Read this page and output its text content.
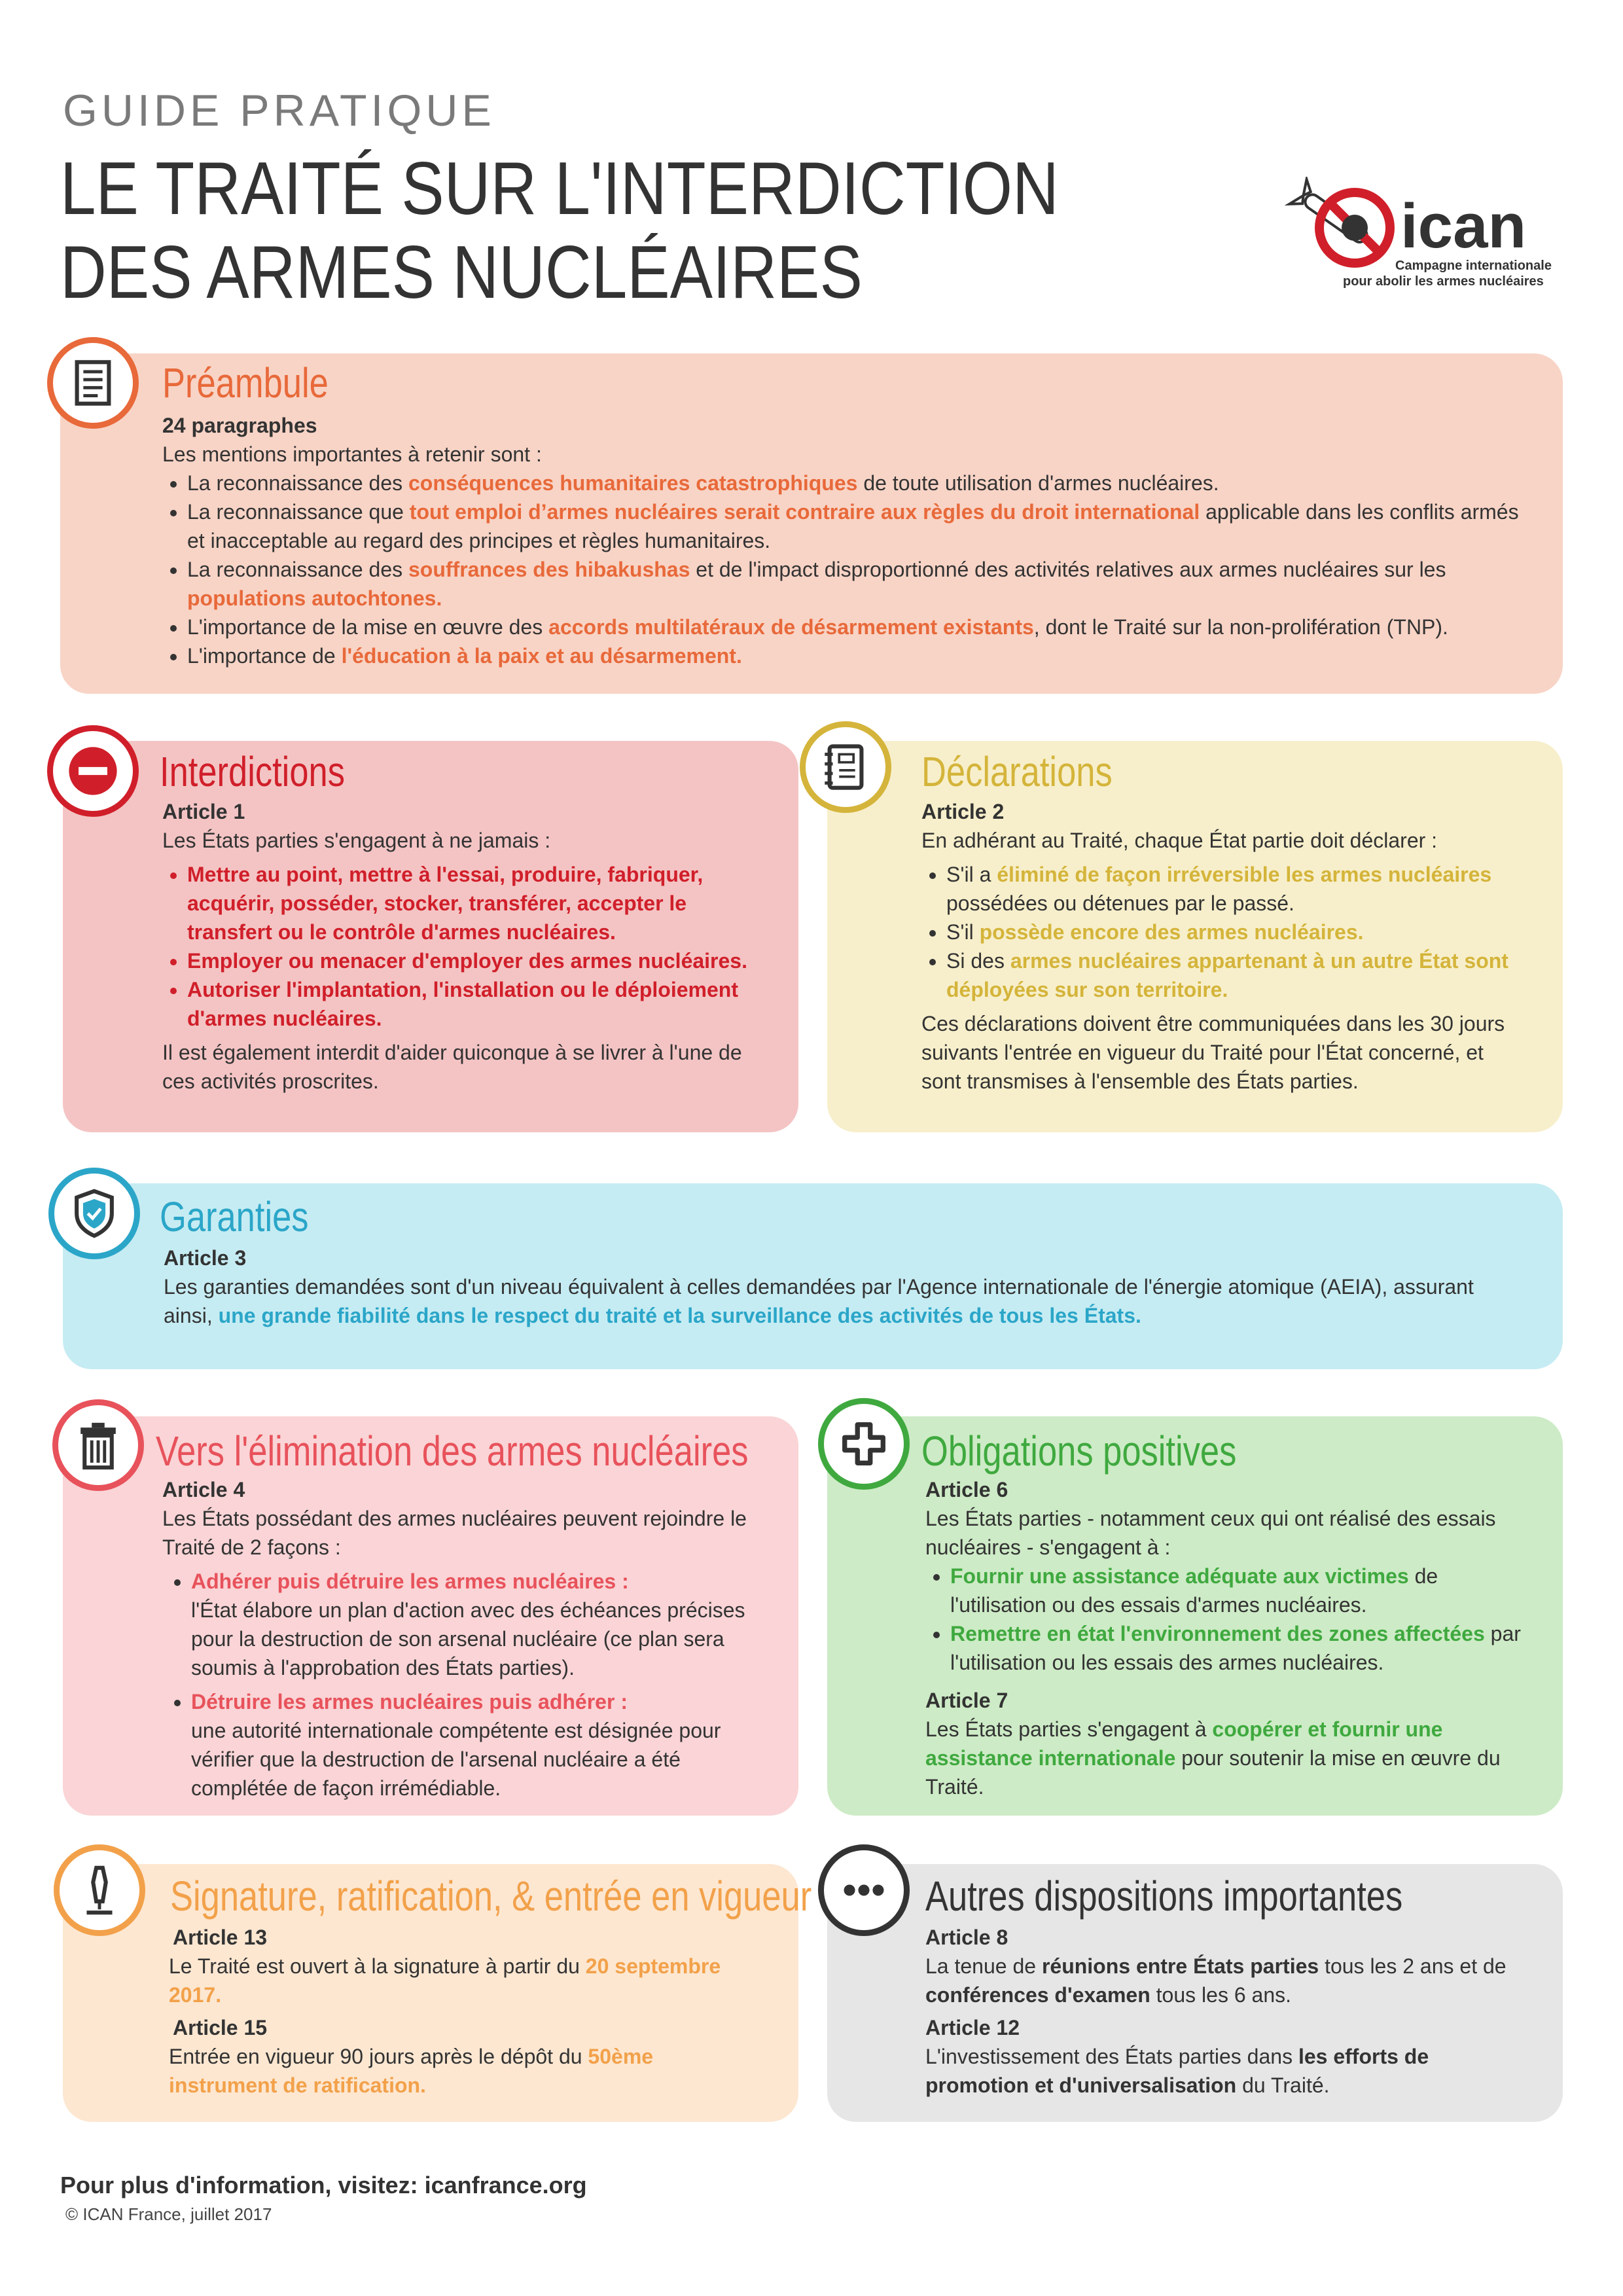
GUIDE PRATIQUE
LE TRAITÉ SUR L'INTERDICTION
DES ARMES NUCLÉAIRES
ican
Campagne internationale
pour abolir les armes nucléaires
Préambule
24 paragraphes

Les mentions importantes à retenir sont :

• La reconnaissance des conséquences humanitaires catastrophiques de toute utilisation d'armes nucléaires.
• La reconnaissance que tout emploi d’armes nucléaires serait contraire aux règles du droit international applicable dans les conflits armés et inacceptable au regard des principes et règles humanitaires.
• La reconnaissance des souffrances des hibakushas et de l'impact disproportionné des activités relatives aux armes nucléaires sur les populations autochtones.
• L'importance de la mise en œuvre des accords multilatéraux de désarmement existants, dont le Traité sur la non-prolifération (TNP).
• L'importance de l'éducation à la paix et au désarmement.
Interdictions
Article 1

Les États parties s'engagent à ne jamais :

• Mettre au point, mettre à l'essai, produire, fabriquer, acquérir, posséder, stocker, transférer, accepter le transfert ou le contrôle d'armes nucléaires.
• Employer ou menacer d'employer des armes nucléaires.
• Autoriser l'implantation, l'installation ou le déploiement d'armes nucléaires.

Il est également interdit d'aider quiconque à se livrer à l'une de ces activités proscrites.

Déclarations
Article 2

En adhérant au Traité, chaque État partie doit déclarer :

• S'il a éliminé de façon irréversible les armes nucléaires possédées ou détenues par le passé.
• S'il possède encore des armes nucléaires.
• Si des armes nucléaires appartenant à un autre État sont déployées sur son territoire.

Ces déclarations doivent être communiquées dans les 30 jours suivants l'entrée en vigueur du Traité pour l'État concerné, et sont transmises à l'ensemble des États parties.

Garanties
Article 3

Les garanties demandées sont d'un niveau équivalent à celles demandées par l'Agence internationale de l'énergie atomique (AEIA), assurant ainsi, une grande fiabilité dans le respect du traité et la surveillance des activités de tous les États.

Vers l'élimination des armes nucléaires
Article 4

Les États possédant des armes nucléaires peuvent rejoindre le Traité de 2 façons :

• Adhérer puis détruire les armes nucléaires :
l'État élabore un plan d'action avec des échéances précises pour la destruction de son arsenal nucléaire (ce plan sera soumis à l'approbation des États parties).
• Détruire les armes nucléaires puis adhérer :
une autorité internationale compétente est désignée pour vérifier que la destruction de l'arsenal nucléaire a été complétée de façon irrémédiable.
Obligations positives
Article 6

Les États parties - notamment ceux qui ont réalisé des essais nucléaires - s'engagent à :

• Fournir une assistance adéquate aux victimes de l'utilisation ou des essais d'armes nucléaires.
• Remettre en état l'environnement des zones affectées par l'utilisation ou les essais des armes nucléaires.
Article 7

Les États parties s'engagent à coopérer et fournir une assistance internationale pour soutenir la mise en œuvre du Traité.

Signature, ratification, & entrée en vigueur
Article 13

Le Traité est ouvert à la signature à partir du 20 septembre 2017.

Article 15

Entrée en vigueur 90 jours après le dépôt du 50ème instrument de ratification.

Autres dispositions importantes
Article 8

La tenue de réunions entre États parties tous les 2 ans et de conférences d'examen tous les 6 ans.

Article 12

L'investissement des États parties dans les efforts de promotion et d'universalisation du Traité.

Pour plus d'information, visitez: icanfrance.org
© ICAN France, juillet 2017
